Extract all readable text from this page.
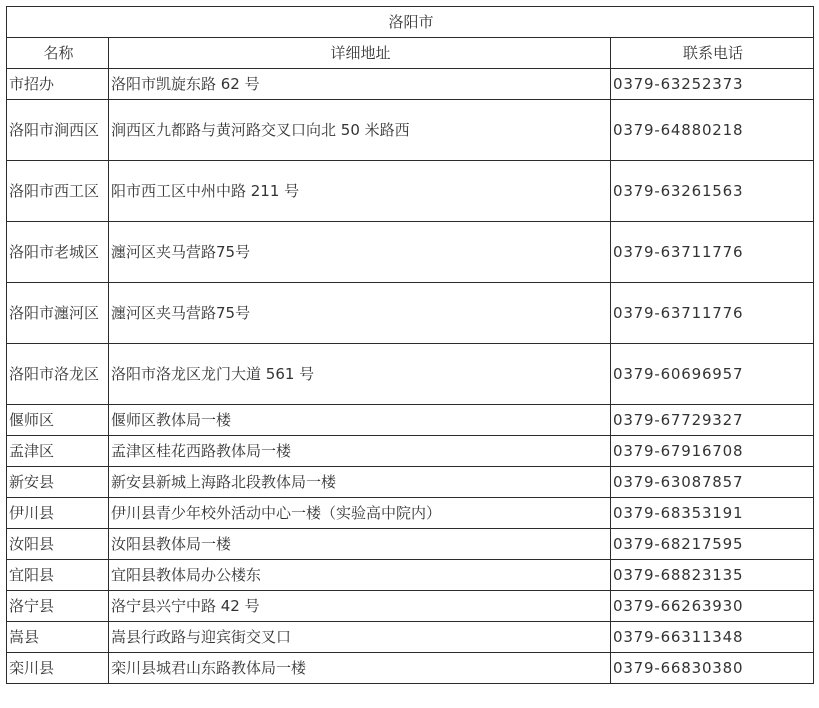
洛阳市		
名称	详细地址	联系电话
市招办	洛阳市凯旋东路 62 号	0379-63252373
洛阳市涧西区	涧西区九都路与黄河路交叉口向北 50 米路西	0379-64880218
洛阳市西工区	阳市西工区中州中路 211 号	0379-63261563
洛阳市老城区	瀍河区夹马营路75号	0379-63711776
洛阳市瀍河区	瀍河区夹马营路75号	0379-63711776
洛阳市洛龙区	洛阳市洛龙区龙门大道 561 号	0379-60696957
偃师区	偃师区教体局一楼	0379-67729327
孟津区	孟津区桂花西路教体局一楼	0379-67916708
新安县	新安县新城上海路北段教体局一楼	0379-63087857
伊川县	伊川县青少年校外活动中心一楼（实验高中院内）	0379-68353191
汝阳县	汝阳县教体局一楼	0379-68217595
宜阳县	宜阳县教体局办公楼东	0379-68823135
洛宁县	洛宁县兴宁中路 42 号	0379-66263930
嵩县	嵩县行政路与迎宾街交叉口	0379-66311348
栾川县	栾川县城君山东路教体局一楼	0379-66830380
